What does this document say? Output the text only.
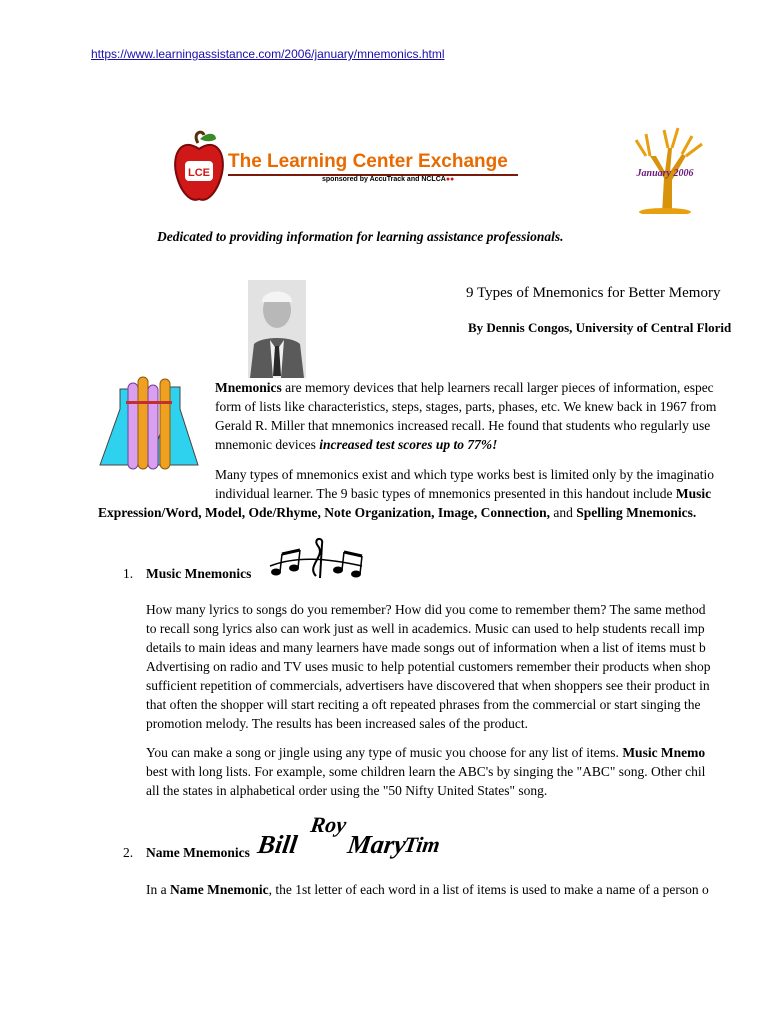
https://www.learningassistance.com/2006/january/mnemonics.html
LCE
The Learning Center Exchange
sponsored by AccuTrack and NCLCA●●
January 2006
Dedicated to providing information for learning assistance professionals.
9 Types of Mnemonics for Better Memory
By Dennis Congos, University of Central Florid
Mnemonics are memory devices that help learners recall larger pieces of information, espec
form of lists like characteristics, steps, stages, parts, phases, etc. We knew back in 1967 from
Gerald R. Miller that mnemonics increased recall. He found that students who regularly use
mnemonic devices increased test scores up to 77%!
Many types of mnemonics exist and which type works best is limited only by the imaginatio
individual learner. The 9 basic types of mnemonics presented in this handout include Music
Expression/Word, Model, Ode/Rhyme, Note Organization, Image, Connection, and Spelling Mnemonics.
1. Music Mnemonics
How many lyrics to songs do you remember? How did you come to remember them? The same method
to recall song lyrics also can work just as well in academics. Music can used to help students recall imp
details to main ideas and many learners have made songs out of information when a list of items must b
Advertising on radio and TV uses music to help potential customers remember their products when shop
sufficient repetition of commercials, advertisers have discovered that when shoppers see their product in
that often the shopper will start reciting a oft repeated phrases from the commercial or start singing the
promotion melody. The results has been increased sales of the product.
You can make a song or jingle using any type of music you choose for any list of items. Music Mnemo
best with long lists. For example, some children learn the ABC's by singing the "ABC" song. Other chil
all the states in alphabetical order using the "50 Nifty United States" song.
2. Name Mnemonics Bill
Roy
Mary
Tim
In a Name Mnemonic, the 1st letter of each word in a list of items is used to make a name of a person o
